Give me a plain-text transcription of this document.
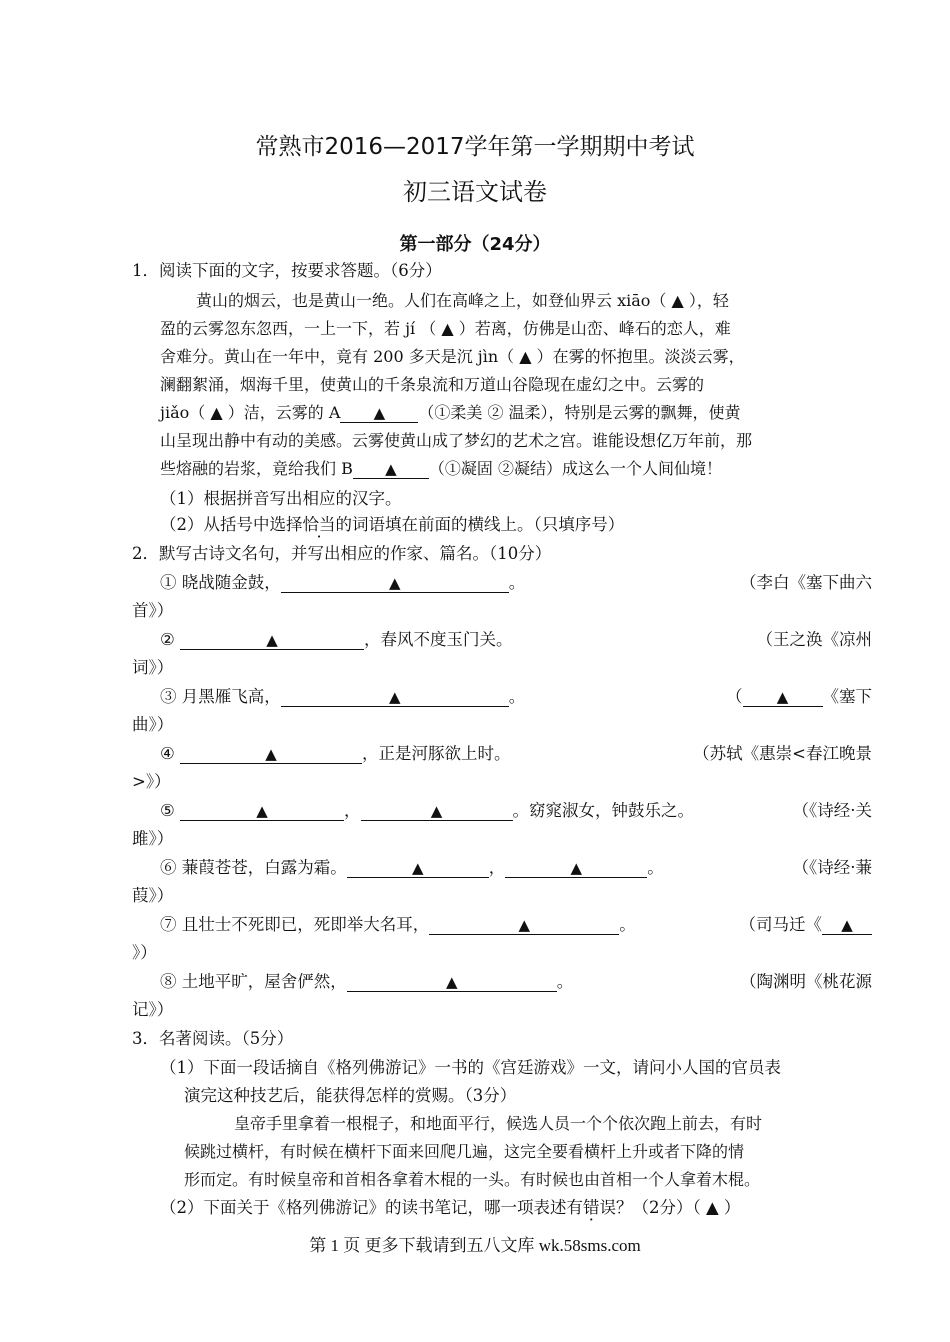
常熟市2016—2017学年第一学期期中考试
初三语文试卷
第一部分（24分）
1．阅读下面的文字，按要求答题。（6分）
黄山的烟云，也是黄山一绝。人们在高峰之上，如登仙界云 xiāo（ ▲ ），轻
盈的云雾忽东忽西，一上一下，若 jí （ ▲ ）若离，仿佛是山峦、峰石的恋人，难
舍难分。黄山在一年中，竟有 200 多天是沉 jìn（ ▲ ）在雾的怀抱里。淡淡云雾，
澜翻絮涌，烟海千里，使黄山的千条泉流和万道山谷隐现在虚幻之中。云雾的
jiǎo（ ▲ ）洁，云雾的 A ▲ （①柔美 ② 温柔），特别是云雾的飘舞，使黄
山呈现出静中有动的美感。云雾使黄山成了梦幻的艺术之宫。谁能设想亿万年前，那
些熔融的岩浆，竟给我们 B ▲ （①凝固 ②凝结）成这么一个人间仙境！
（1）根据拼音写出相应的汉字。
（2）从括号中选择恰当的词语填在前面的横线上。（只填序号）
2．默写古诗文名句，并写出相应的作家、篇名。（10分）
① 晓战随金鼓，	▲	。	（李白《塞下曲六
首》）
②	▲	，春风不度玉门关。	（王之涣《凉州
词》）
③ 月黑雁飞高，	▲	。	（ ▲ 《塞下
曲》）
④	▲	，正是河豚欲上时。	（苏轼《惠崇<春江晚景
>》）
⑤	▲	，	▲	。窈窕淑女，钟鼓乐之。	（《诗经·关
雎》）
⑥ 蒹葭苍苍，白露为霜。	▲	，	▲	。	（《诗经·蒹
葭》）
⑦ 且壮士不死即已，死即举大名耳，	▲	。	（司马迁《 ▲
》）
⑧ 土地平旷，屋舍俨然，	▲	。	（陶渊明《桃花源
记》）
3．名著阅读。（5分）
（1）下面一段话摘自《格列佛游记》一书的《宫廷游戏》一文，请问小人国的官员表
演完这种技艺后，能获得怎样的赏赐。（3分）
皇帝手里拿着一根棍子，和地面平行，候选人员一个个依次跑上前去，有时
候跳过横杆，有时候在横杆下面来回爬几遍，这完全要看横杆上升或者下降的情
形而定。有时候皇帝和首相各拿着木棍的一头。有时候也由首相一个人拿着木棍。
（2）下面关于《格列佛游记》的读书笔记，哪一项表述有错误？（2分）（ ▲ ）
第 1 页 更多下载请到五八文库 wk.58sms.com
